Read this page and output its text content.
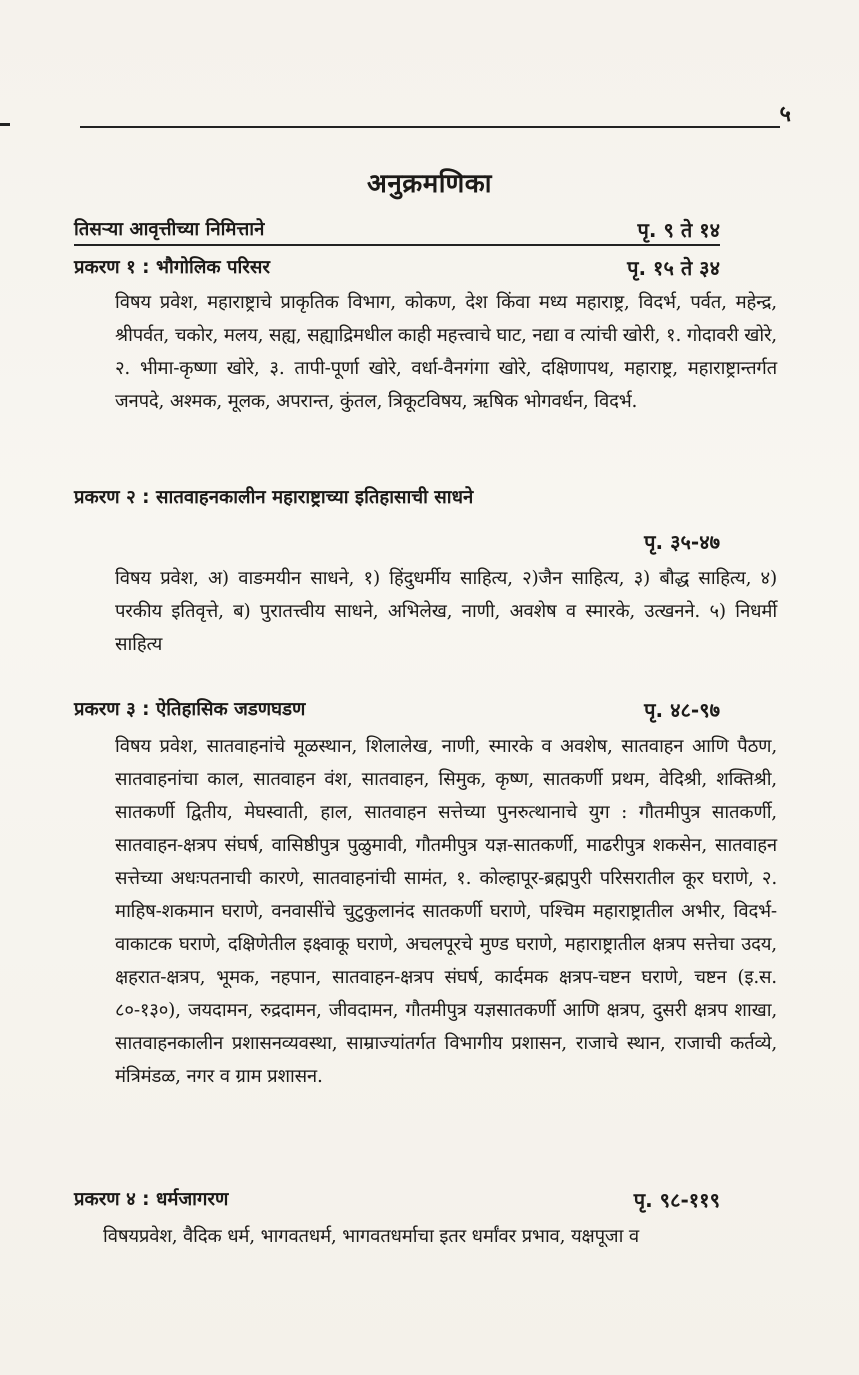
५
अनुक्रमणिका
तिसऱ्या आवृत्तीच्या निमित्ताने	पृ. ९ ते १४
प्रकरण १ : भौगोलिक परिसर	पृ. १५ ते ३४
विषय प्रवेश, महाराष्ट्राचे प्राकृतिक विभाग, कोकण, देश किंवा मध्य महाराष्ट्र, विदर्भ, पर्वत, महेन्द्र, श्रीपर्वत, चकोर, मलय, सह्य, सह्याद्रिमधील काही महत्त्वाचे घाट, नद्या व त्यांची खोरी, १. गोदावरी खोरे, २. भीमा-कृष्णा खोरे, ३. तापी-पूर्णा खोरे, वर्धा-वैनगंगा खोरे, दक्षिणापथ, महाराष्ट्र, महाराष्ट्रान्तर्गत जनपदे, अश्मक, मूलक, अपरान्त, कुंतल, त्रिकूटविषय, ऋषिक भोगवर्धन, विदर्भ.
प्रकरण २ : सातवाहनकालीन महाराष्ट्राच्या इतिहासाची साधने
पृ. ३५-४७
विषय प्रवेश, अ) वाङमयीन साधने, १) हिंदुधर्मीय साहित्य, २)जैन साहित्य, ३) बौद्ध साहित्य, ४) परकीय इतिवृत्ते, ब) पुरातत्त्वीय साधने, अभिलेख, नाणी, अवशेष व स्मारके, उत्खनने. ५) निधर्मी साहित्य
प्रकरण ३ : ऐतिहासिक जडणघडण	पृ. ४८-९७
विषय प्रवेश, सातवाहनांचे मूळस्थान, शिलालेख, नाणी, स्मारके व अवशेष, सातवाहन आणि पैठण, सातवाहनांचा काल, सातवाहन वंश, सातवाहन, सिमुक, कृष्ण, सातकर्णी प्रथम, वेदिश्री, शक्तिश्री, सातकर्णी द्वितीय, मेघस्वाती, हाल, सातवाहन सत्तेच्या पुनरुत्थानाचे युग : गौतमीपुत्र सातकर्णी, सातवाहन-क्षत्रप संघर्ष, वासिष्ठीपुत्र पुळुमावी, गौतमीपुत्र यज्ञ-सातकर्णी, माढरीपुत्र शकसेन, सातवाहन सत्तेच्या अधःपतनाची कारणे, सातवाहनांची सामंत, १. कोल्हापूर-ब्रह्मपुरी परिसरातील कूर घराणे, २. माहिष-शकमान घराणे, वनवासींचे चुटुकुलानंद सातकर्णी घराणे, पश्चिम महाराष्ट्रातील अभीर, विदर्भ-वाकाटक घराणे, दक्षिणेतील इक्ष्वाकू घराणे, अचलपूरचे मुण्ड घराणे, महाराष्ट्रातील क्षत्रप सत्तेचा उदय, क्षहरात-क्षत्रप, भूमक, नहपान, सातवाहन-क्षत्रप संघर्ष, कार्दमक क्षत्रप-चष्टन घराणे, चष्टन (इ.स. ८०-१३०), जयदामन, रुद्रदामन, जीवदामन, गौतमीपुत्र यज्ञसातकर्णी आणि क्षत्रप, दुसरी क्षत्रप शाखा, सातवाहनकालीन प्रशासनव्यवस्था, साम्राज्यांतर्गत विभागीय प्रशासन, राजाचे स्थान, राजाची कर्तव्ये, मंत्रिमंडळ, नगर व ग्राम प्रशासन.
प्रकरण ४ : धर्मजागरण	पृ. ९८-११९
विषयप्रवेश, वैदिक धर्म, भागवतधर्म, भागवतधर्माचा इतर धर्मांवर प्रभाव, यक्षपूजा व
